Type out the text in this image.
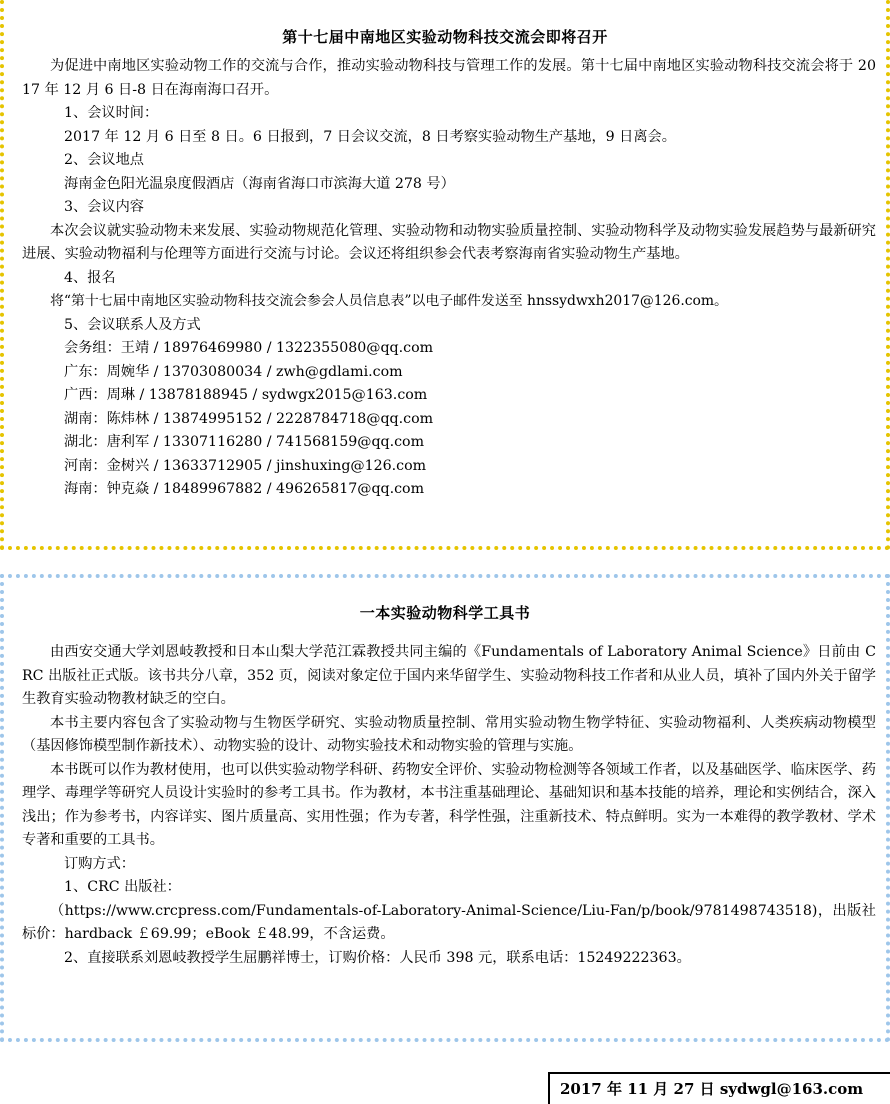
第十七届中南地区实验动物科技交流会即将召开
为促进中南地区实验动物工作的交流与合作，推动实验动物科技与管理工作的发展。第十七届中南地区实验动物科技交流会将于 2017 年 12 月 6 日-8 日在海南海口召开。
1、会议时间：
2017 年 12 月 6 日至 8 日。6 日报到，7 日会议交流，8 日考察实验动物生产基地，9 日离会。
2、会议地点
海南金色阳光温泉度假酒店（海南省海口市滨海大道 278 号）
3、会议内容
本次会议就实验动物未来发展、实验动物规范化管理、实验动物和动物实验质量控制、实验动物科学及动物实验发展趋势与最新研究进展、实验动物福利与伦理等方面进行交流与讨论。会议还将组织参会代表考察海南省实验动物生产基地。
4、报名
将“第十七届中南地区实验动物科技交流会参会人员信息表”以电子邮件发送至 hnssydwxh2017@126.com。
5、会议联系人及方式
会务组：王靖 / 18976469980 / 1322355080@qq.com
广东：周婉华 / 13703080034 / zwh@gdlami.com
广西：周琳 / 13878188945 / sydwgx2015@163.com
湖南：陈炜林 / 13874995152 / 2228784718@qq.com
湖北：唐利军 / 13307116280 / 741568159@qq.com
河南：金树兴 / 13633712905 / jinshuxing@126.com
海南：钟克焱 / 18489967882 / 496265817@qq.com
一本实验动物科学工具书
由西安交通大学刘恩岐教授和日本山梨大学范江霖教授共同主编的《Fundamentals of Laboratory Animal Science》日前由 CRC 出版社正式版。该书共分八章，352 页，阅读对象定位于国内来华留学生、实验动物科技工作者和从业人员，填补了国内外关于留学生教育实验动物教材缺乏的空白。
本书主要内容包含了实验动物与生物医学研究、实验动物质量控制、常用实验动物生物学特征、实验动物福利、人类疾病动物模型（基因修饰模型制作新技术）、动物实验的设计、动物实验技术和动物实验的管理与实施。
本书既可以作为教材使用，也可以供实验动物学科研、药物安全评价、实验动物检测等各领域工作者，以及基础医学、临床医学、药理学、毒理学等研究人员设计实验时的参考工具书。作为教材，本书注重基础理论、基础知识和基本技能的培养，理论和实例结合，深入浅出；作为参考书，内容详实、图片质量高、实用性强；作为专著，科学性强，注重新技术、特点鲜明。实为一本难得的教学教材、学术专著和重要的工具书。
订购方式：
1、CRC 出版社：
（https://www.crcpress.com/Fundamentals-of-Laboratory-Animal-Science/Liu-Fan/p/book/9781498743518)，出版社标价：hardback ￡69.99；eBook ￡48.99，不含运费。
2、直接联系刘恩岐教授学生屈鹏祥博士，订购价格：人民币 398 元，联系电话：15249222363。
2017 年 11 月 27 日 sydwgl@163.com
